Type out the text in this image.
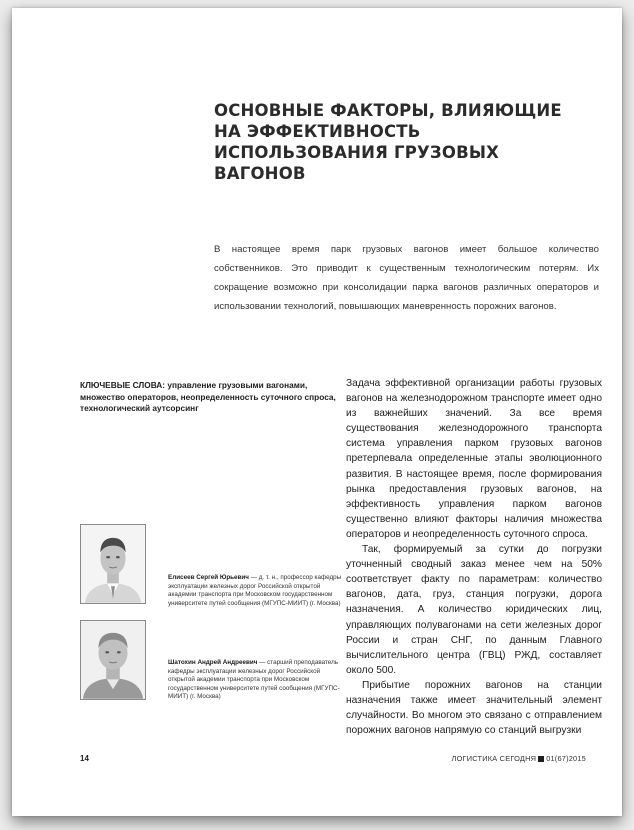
ОСНОВНЫЕ ФАКТОРЫ, ВЛИЯЮЩИЕ НА ЭФФЕКТИВНОСТЬ ИСПОЛЬЗОВАНИЯ ГРУЗОВЫХ ВАГОНОВ

В настоящее время парк грузовых вагонов имеет большое количество собственников. Это приводит к существенным технологическим потерям. Их сокращение возможно при консолидации парка вагонов различных операторов и использовании технологий, повышающих маневренность порожних вагонов.

КЛЮЧЕВЫЕ СЛОВА: управление грузовыми вагонами, множество операторов, неопределенность суточного спроса, технологический аутсорсинг

Елисеев Сергей Юрьевич — д. т. н., профессор кафедры эксплуатации железных дорог Российской открытой академии транспорта при Московском государственном университете путей сообщения (МГУПС-МИИТ) (г. Москва)
Шатохин Андрей Андреевич — старший преподаватель кафедры эксплуатации железных дорог Российской открытой академии транспорта при Московском государственном университете путей сообщения (МГУПС-МИИТ) (г. Москва)

Задача эффективной организации работы грузовых вагонов на железнодорожном транспорте имеет одно из важнейших значений. За все время существования железнодорожного транспорта система управления парком грузовых вагонов претерпевала определенные этапы эволюционного развития. В настоящее время, после формирования рынка предоставления грузовых вагонов, на эффективность управления парком вагонов существенно влияют факторы наличия множества операторов и неопределенность суточного спроса.

Так, формируемый за сутки до погрузки уточненный сводный заказ менее чем на 50% соответствует факту по параметрам: количество вагонов, дата, груз, станция погрузки, дорога назначения. А количество юридических лиц, управляющих полувагонами на сети железных дорог России и стран СНГ, по данным Главного вычислительного центра (ГВЦ) РЖД, составляет около 500.

Прибытие порожних вагонов на станции назначения также имеет значительный элемент случайности. Во многом это связано с отправлением порожних вагонов напрямую со станций выгрузки

14	ЛОГИСТИКА СЕГОДНЯ 01(67)2015
